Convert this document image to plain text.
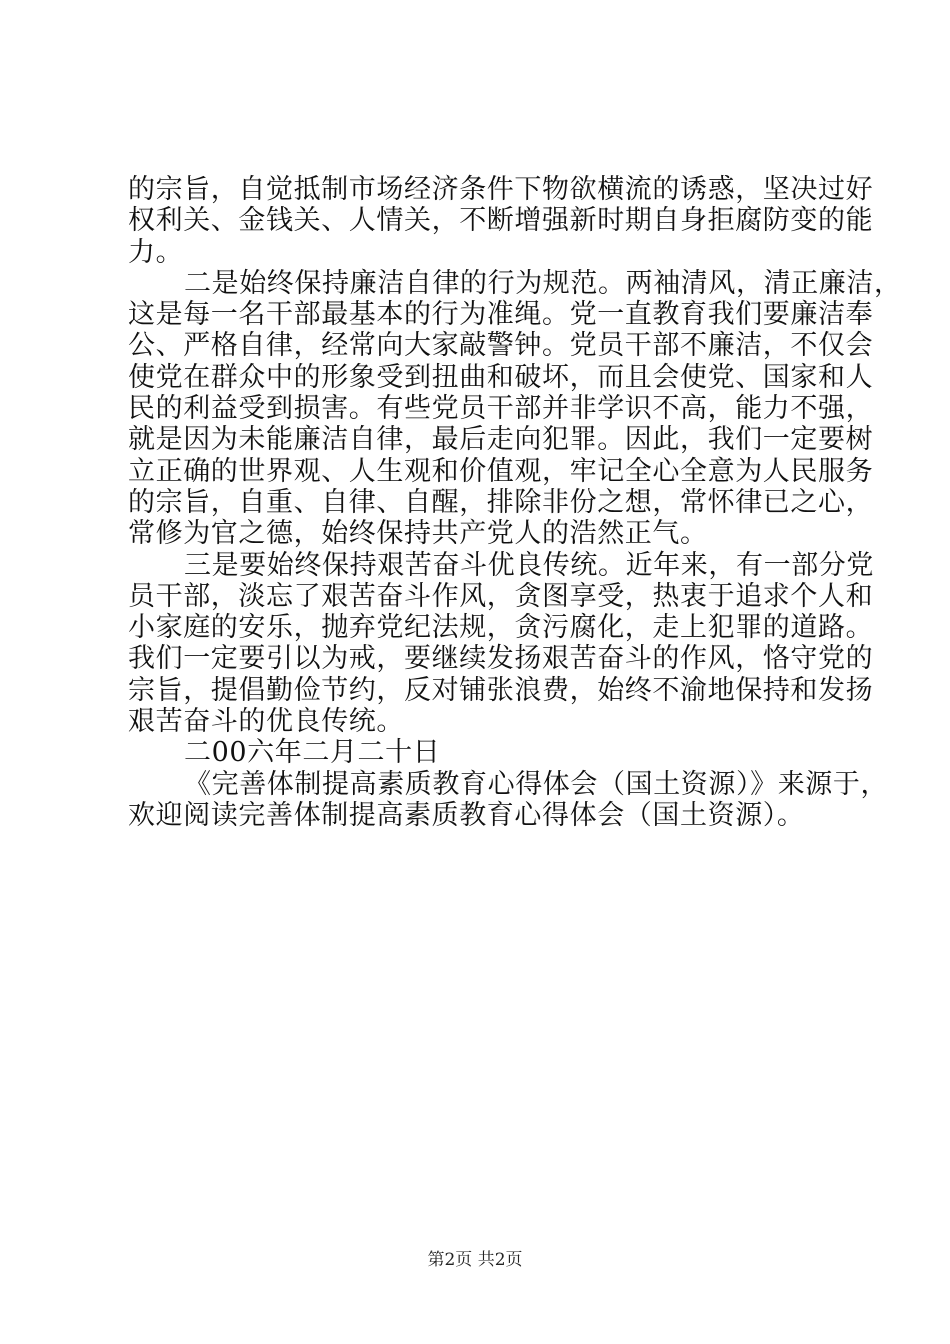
的宗旨，自觉抵制市场经济条件下物欲横流的诱惑，坚决过好
权利关、金钱关、人情关，不断增强新时期自身拒腐防变的能
力。
二是始终保持廉洁自律的行为规范。两袖清风，清正廉洁，
这是每一名干部最基本的行为准绳。党一直教育我们要廉洁奉
公、严格自律，经常向大家敲警钟。党员干部不廉洁，不仅会
使党在群众中的形象受到扭曲和破坏，而且会使党、国家和人
民的利益受到损害。有些党员干部并非学识不高，能力不强，
就是因为未能廉洁自律，最后走向犯罪。因此，我们一定要树
立正确的世界观、人生观和价值观，牢记全心全意为人民服务
的宗旨，自重、自律、自醒，排除非份之想，常怀律已之心，
常修为官之德，始终保持共产党人的浩然正气。
三是要始终保持艰苦奋斗优良传统。近年来，有一部分党
员干部，淡忘了艰苦奋斗作风，贪图享受，热衷于追求个人和
小家庭的安乐，抛弃党纪法规，贪污腐化，走上犯罪的道路。
我们一定要引以为戒，要继续发扬艰苦奋斗的作风，恪守党的
宗旨，提倡勤俭节约，反对铺张浪费，始终不渝地保持和发扬
艰苦奋斗的优良传统。
二00六年二月二十日
《完善体制提高素质教育心得体会（国土资源）》来源于，
欢迎阅读完善体制提高素质教育心得体会（国土资源）。
第2页 共2页
